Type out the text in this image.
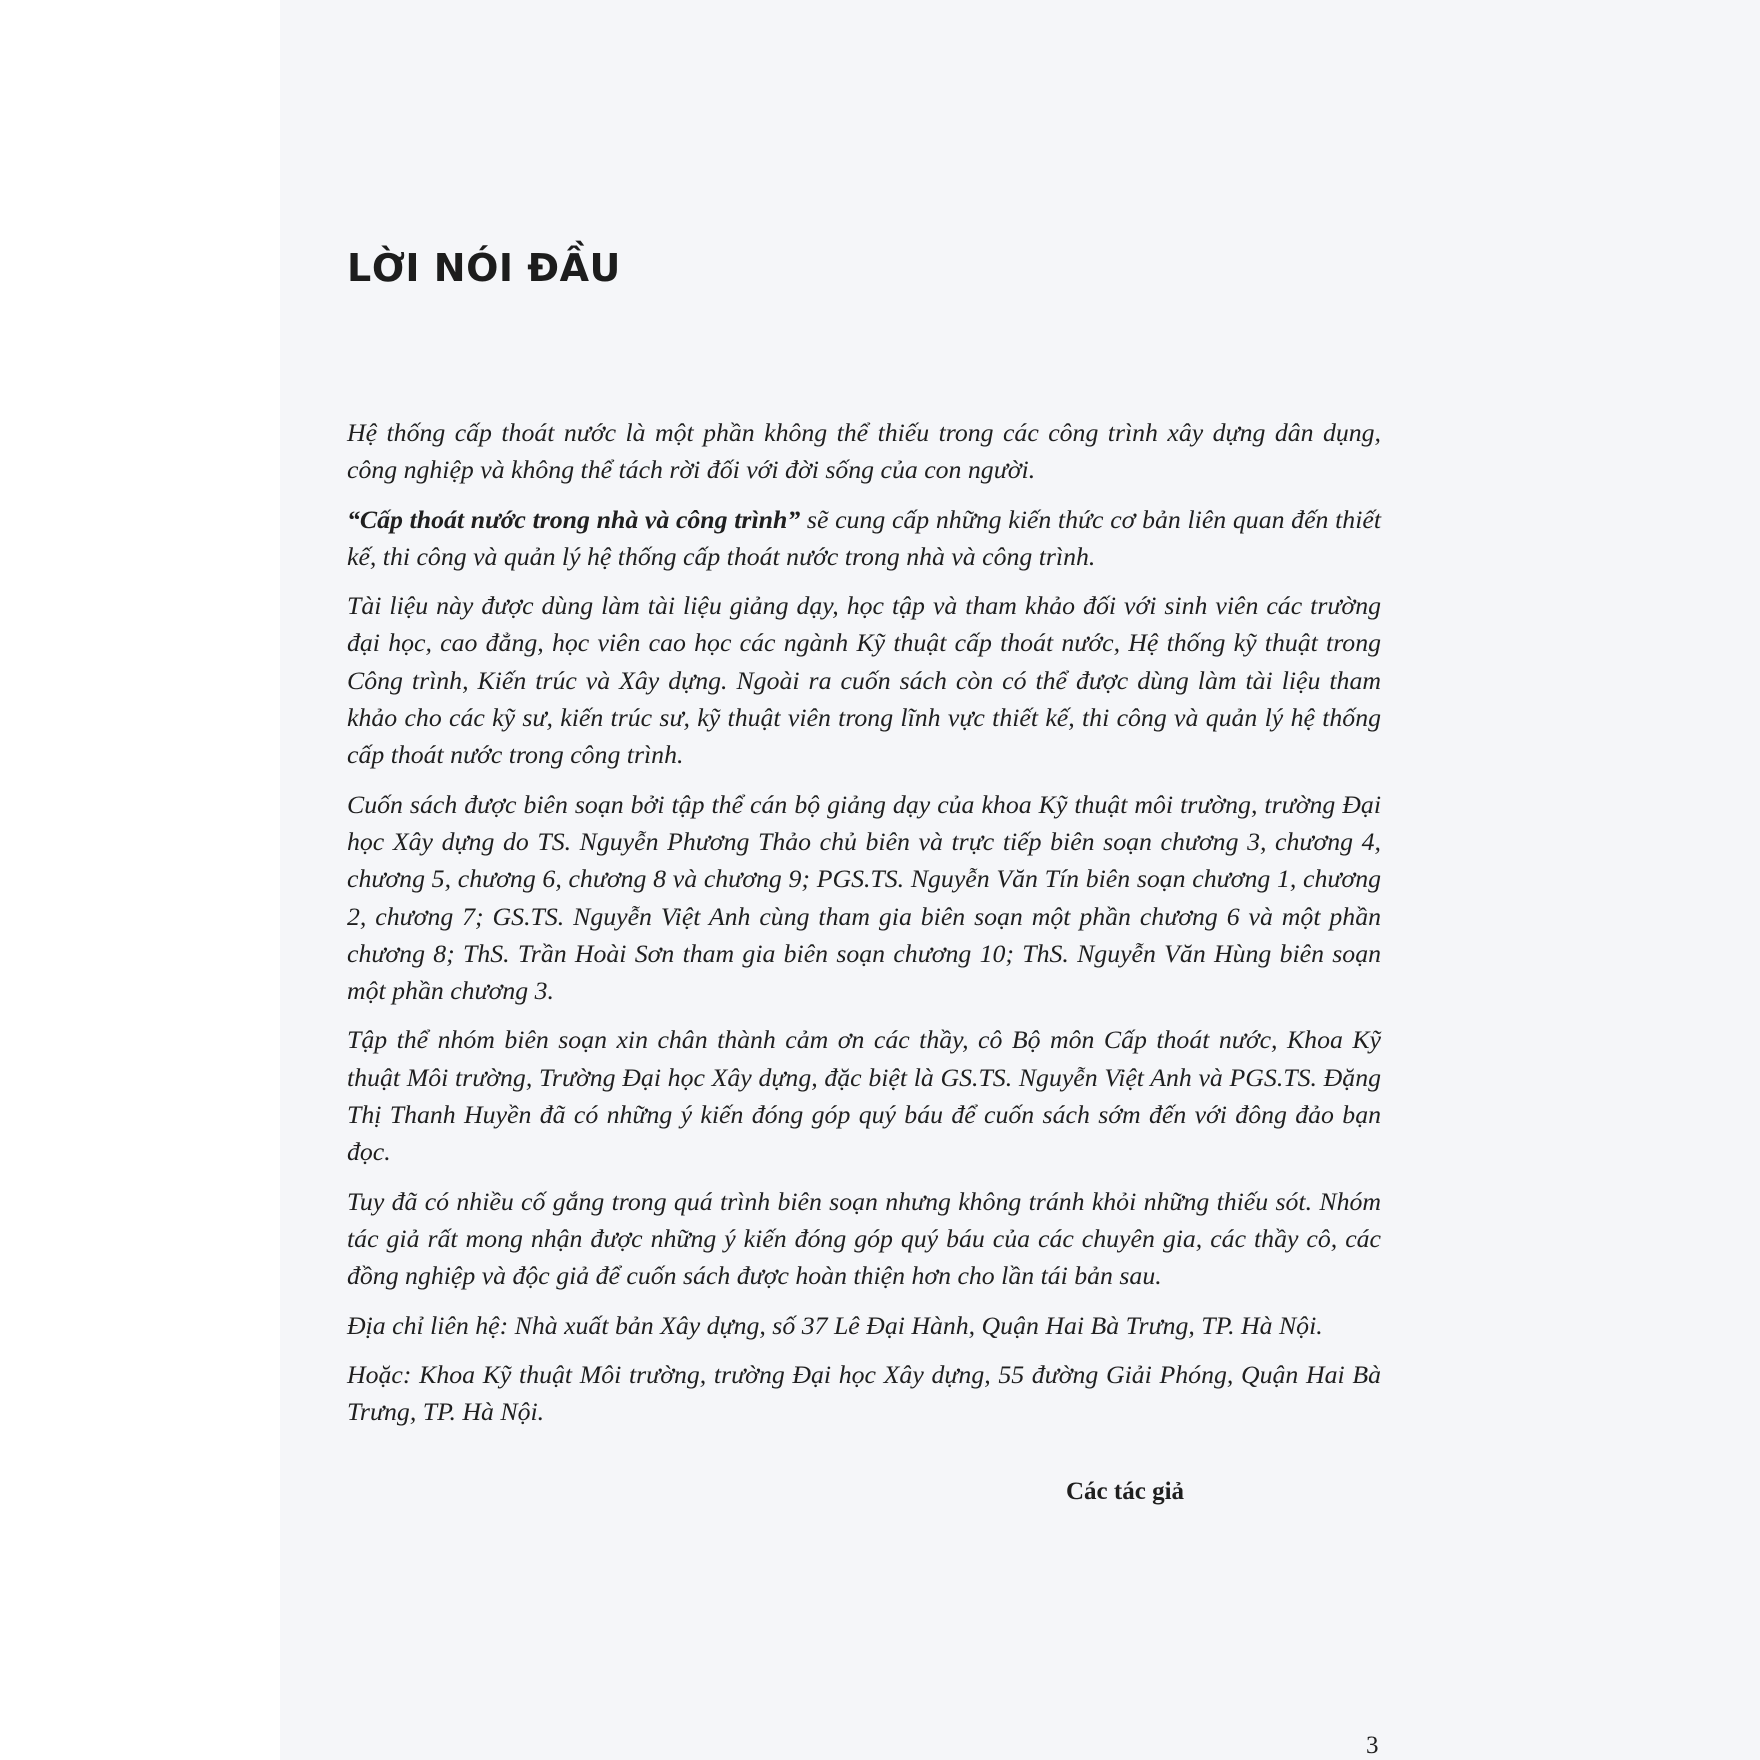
LỜI NÓI ĐẦU

Hệ thống cấp thoát nước là một phần không thể thiếu trong các công trình xây dựng dân dụng, công nghiệp và không thể tách rời đối với đời sống của con người.

“Cấp thoát nước trong nhà và công trình” sẽ cung cấp những kiến thức cơ bản liên quan đến thiết kế, thi công và quản lý hệ thống cấp thoát nước trong nhà và công trình.

Tài liệu này được dùng làm tài liệu giảng dạy, học tập và tham khảo đối với sinh viên các trường đại học, cao đẳng, học viên cao học các ngành Kỹ thuật cấp thoát nước, Hệ thống kỹ thuật trong Công trình, Kiến trúc và Xây dựng. Ngoài ra cuốn sách còn có thể được dùng làm tài liệu tham khảo cho các kỹ sư, kiến trúc sư, kỹ thuật viên trong lĩnh vực thiết kế, thi công và quản lý hệ thống cấp thoát nước trong công trình.

Cuốn sách được biên soạn bởi tập thể cán bộ giảng dạy của khoa Kỹ thuật môi trường, trường Đại học Xây dựng do TS. Nguyễn Phương Thảo chủ biên và trực tiếp biên soạn chương 3, chương 4, chương 5, chương 6, chương 8 và chương 9; PGS.TS. Nguyễn Văn Tín biên soạn chương 1, chương 2, chương 7; GS.TS. Nguyễn Việt Anh cùng tham gia biên soạn một phần chương 6 và một phần chương 8; ThS. Trần Hoài Sơn tham gia biên soạn chương 10; ThS. Nguyễn Văn Hùng biên soạn một phần chương 3.

Tập thể nhóm biên soạn xin chân thành cảm ơn các thầy, cô Bộ môn Cấp thoát nước, Khoa Kỹ thuật Môi trường, Trường Đại học Xây dựng, đặc biệt là GS.TS. Nguyễn Việt Anh và PGS.TS. Đặng Thị Thanh Huyền đã có những ý kiến đóng góp quý báu để cuốn sách sớm đến với đông đảo bạn đọc.

Tuy đã có nhiều cố gắng trong quá trình biên soạn nhưng không tránh khỏi những thiếu sót. Nhóm tác giả rất mong nhận được những ý kiến đóng góp quý báu của các chuyên gia, các thầy cô, các đồng nghiệp và độc giả để cuốn sách được hoàn thiện hơn cho lần tái bản sau.

Địa chỉ liên hệ: Nhà xuất bản Xây dựng, số 37 Lê Đại Hành, Quận Hai Bà Trưng, TP. Hà Nội.

Hoặc: Khoa Kỹ thuật Môi trường, trường Đại học Xây dựng, 55 đường Giải Phóng, Quận Hai Bà Trưng, TP. Hà Nội.

Các tác giả
3
